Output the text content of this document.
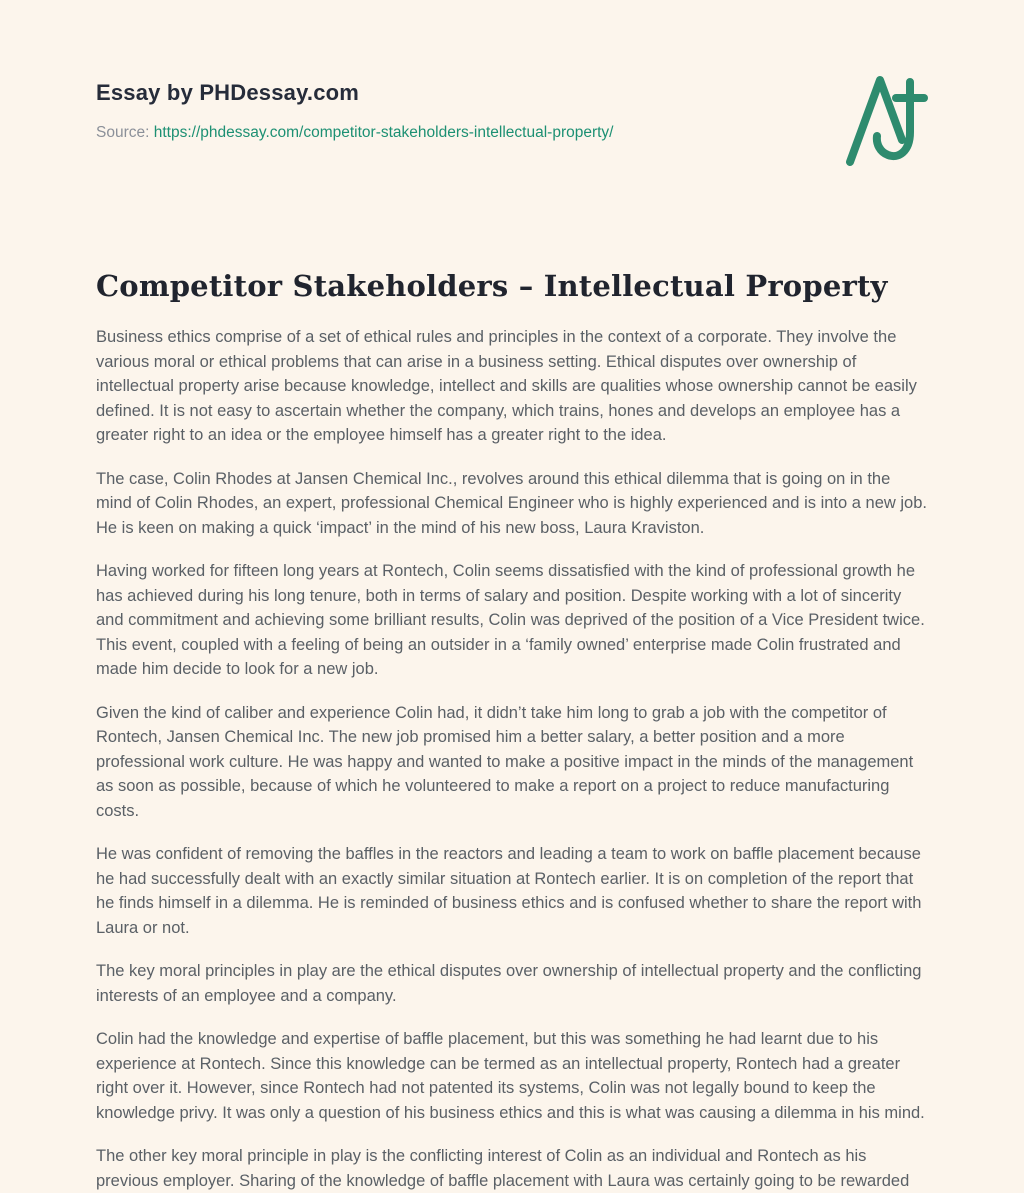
Essay by PHDessay.com

Source: https://phdessay.com/competitor-stakeholders-intellectual-property/

Competitor Stakeholders – Intellectual Property

Business ethics comprise of a set of ethical rules and principles in the context of a corporate. They involve the various moral or ethical problems that can arise in a business setting. Ethical disputes over ownership of intellectual property arise because knowledge, intellect and skills are qualities whose ownership cannot be easily defined. It is not easy to ascertain whether the company, which trains, hones and develops an employee has a greater right to an idea or the employee himself has a greater right to the idea.

The case, Colin Rhodes at Jansen Chemical Inc., revolves around this ethical dilemma that is going on in the mind of Colin Rhodes, an expert, professional Chemical Engineer who is highly experienced and is into a new job. He is keen on making a quick ‘impact’ in the mind of his new boss, Laura Kraviston.

Having worked for fifteen long years at Rontech, Colin seems dissatisfied with the kind of professional growth he has achieved during his long tenure, both in terms of salary and position. Despite working with a lot of sincerity and commitment and achieving some brilliant results, Colin was deprived of the position of a Vice President twice. This event, coupled with a feeling of being an outsider in a ‘family owned’ enterprise made Colin frustrated and made him decide to look for a new job.

Given the kind of caliber and experience Colin had, it didn’t take him long to grab a job with the competitor of Rontech, Jansen Chemical Inc. The new job promised him a better salary, a better position and a more professional work culture. He was happy and wanted to make a positive impact in the minds of the management as soon as possible, because of which he volunteered to make a report on a project to reduce manufacturing costs.

He was confident of removing the baffles in the reactors and leading a team to work on baffle placement because he had successfully dealt with an exactly similar situation at Rontech earlier. It is on completion of the report that he finds himself in a dilemma. He is reminded of business ethics and is confused whether to share the report with Laura or not.

The key moral principles in play are the ethical disputes over ownership of intellectual property and the conflicting interests of an employee and a company.

Colin had the knowledge and expertise of baffle placement, but this was something he had learnt due to his experience at Rontech. Since this knowledge can be termed as an intellectual property, Rontech had a greater right over it. However, since Rontech had not patented its systems, Colin was not legally bound to keep the knowledge privy. It was only a question of his business ethics and this is what was causing a dilemma in his mind.

The other key moral principle in play is the conflicting interest of Colin as an individual and Rontech as his previous employer. Sharing of the knowledge of baffle placement with Laura was certainly going to be rewarded
